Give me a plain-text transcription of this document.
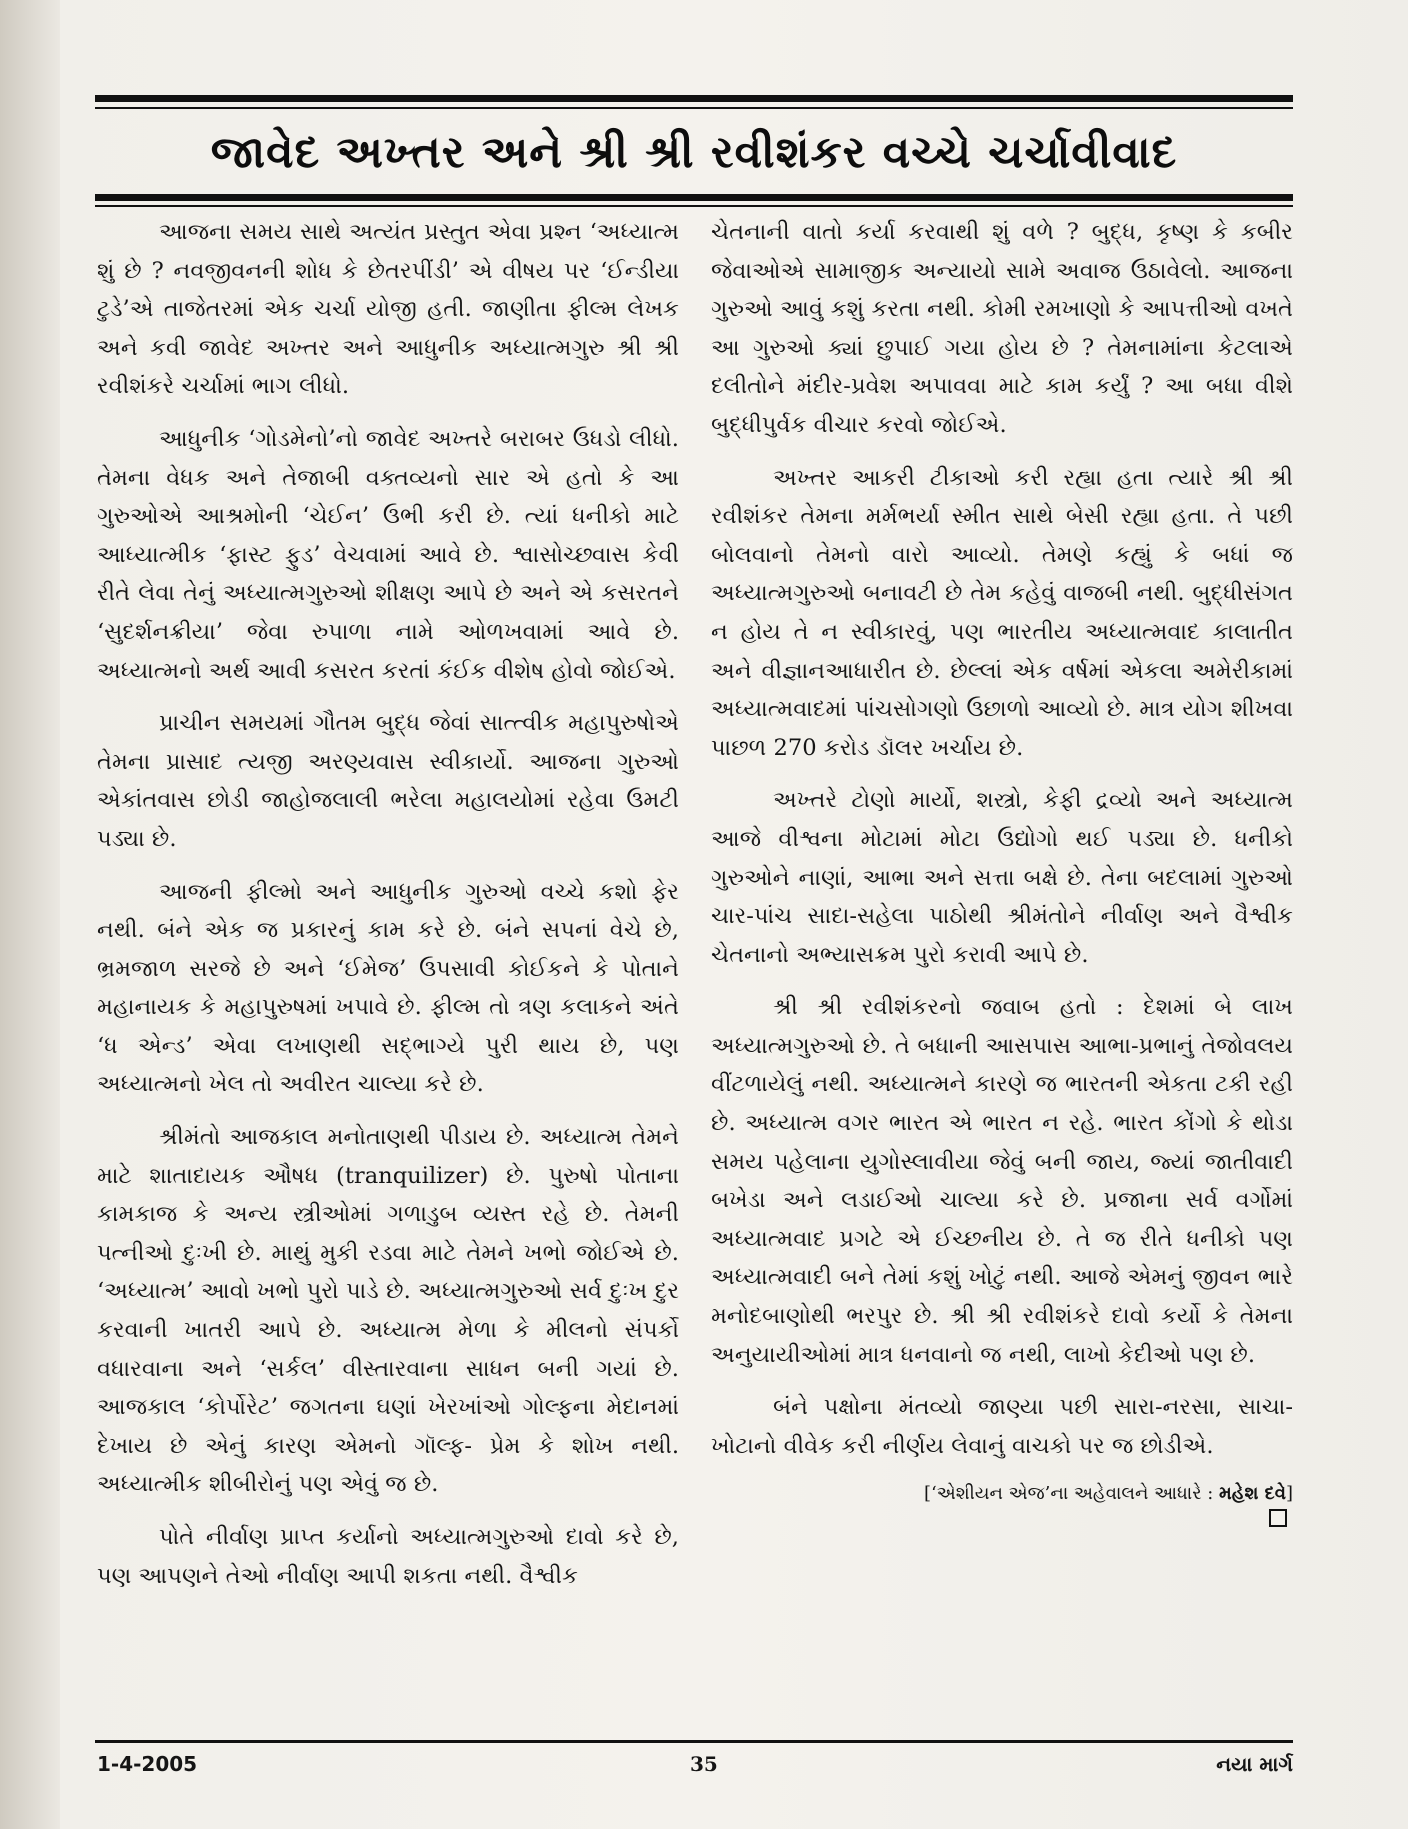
જાવેદ અખ્તર અને શ્રી શ્રી રવીશંકર વચ્ચે ચર્ચાવીવાદ

આજના સમય સાથે અત્યંત પ્રસ્તુત એવા પ્રશ્ન ‘અધ્યાત્મ શું છે ? નવજીવનની શોધ કે છેતરપીંડી’ એ વીષય પર ‘ઈન્ડીયા ટુડે’એ તાજેતરમાં એક ચર્ચા યોજી હતી. જાણીતા ફીલ્મ લેખક અને કવી જાવેદ અખ્તર અને આધુનીક અધ્યાત્મગુરુ શ્રી શ્રી રવીશંકરે ચર્ચામાં ભાગ લીધો.

આધુનીક ‘ગોડમેનો’નો જાવેદ અખ્તરે બરાબર ઉધડો લીધો. તેમના વેધક અને તેજાબી વક્તવ્યનો સાર એ હતો કે આ ગુરુઓએ આશ્રમોની ‘ચેઈન’ ઉભી કરી છે. ત્યાં ધનીકો માટે આધ્યાત્મીક ‘ફાસ્ટ ફુડ’ વેચવામાં આવે છે. શ્વાસોચ્છ્વાસ કેવી રીતે લેવા તેનું અધ્યાત્મગુરુઓ શીક્ષણ આપે છે અને એ કસરતને ‘સુદર્શનક્રીયા’ જેવા રુપાળા નામે ઓળખવામાં આવે છે. અધ્યાત્મનો અર્થ આવી કસરત કરતાં કંઈક વીશેષ હોવો જોઈએ.

પ્રાચીન સમયમાં ગૌતમ બુદ્ધ જેવાં સાત્ત્વીક મહાપુરુષોએ તેમના પ્રાસાદ ત્યજી અરણ્યવાસ સ્વીકાર્યો. આજના ગુરુઓ એકાંતવાસ છોડી જાહોજલાલી ભરેલા મહાલયોમાં રહેવા ઉમટી પડ્યા છે.

આજની ફીલ્મો અને આધુનીક ગુરુઓ વચ્ચે કશો ફેર નથી. બંને એક જ પ્રકારનું કામ કરે છે. બંને સપનાં વેચે છે, ભ્રમજાળ સરજે છે અને ‘ઈમેજ’ ઉપસાવી કોઈકને કે પોતાને મહાનાયક કે મહાપુરુષમાં ખપાવે છે. ફીલ્મ તો ત્રણ કલાકને અંતે ‘ધ એન્ડ’ એવા લખાણથી સદ્ભાગ્યે પુરી થાય છે, પણ અધ્યાત્મનો ખેલ તો અવીરત ચાલ્યા કરે છે.

શ્રીમંતો આજકાલ મનોતાણથી પીડાય છે. અધ્યાત્મ તેમને માટે શાતાદાયક ઔષધ (tranquilizer) છે. પુરુષો પોતાના કામકાજ કે અન્ય સ્ત્રીઓમાં ગળાડુબ વ્યસ્ત રહે છે. તેમની પત્નીઓ દુઃખી છે. માથું મુકી રડવા માટે તેમને ખભો જોઈએ છે. ‘અધ્યાત્મ’ આવો ખભો પુરો પાડે છે. અધ્યાત્મગુરુઓ સર્વ દુઃખ દુર કરવાની ખાતરી આપે છે. અધ્યાત્મ મેળા કે મીલનો સંપર્કો વધારવાના અને ‘સર્કલ’ વીસ્તારવાના સાધન બની ગયાં છે. આજકાલ ‘કોર્પોરેટ’ જગતના ઘણાં ખેરખાંઓ ગોલ્ફના મેદાનમાં દેખાય છે એનું કારણ એમનો ગૉલ્ફ- પ્રેમ કે શોખ નથી. અધ્યાત્મીક શીબીરોનું પણ એવું જ છે.

પોતે નીર્વાણ પ્રાપ્ત કર્યાનો અધ્યાત્મગુરુઓ દાવો કરે છે, પણ આપણને તેઓ નીર્વાણ આપી શકતા નથી. વૈશ્વીક

ચેતનાની વાતો કર્યા કરવાથી શું વળે ? બુદ્ધ, કૃષ્ણ કે કબીર જેવાઓએ સામાજીક અન્યાયો સામે અવાજ ઉઠાવેલો. આજના ગુરુઓ આવું કશું કરતા નથી. કોમી રમખાણો કે આપત્તીઓ વખતે આ ગુરુઓ ક્યાં છુપાઈ ગયા હોય છે ? તેમનામાંના કેટલાએ દલીતોને મંદીર-પ્રવેશ અપાવવા માટે કામ કર્યું ? આ બધા વીશે બુદ્ધીપુર્વક વીચાર કરવો જોઈએ.

અખ્તર આકરી ટીકાઓ કરી રહ્યા હતા ત્યારે શ્રી શ્રી રવીશંકર તેમના મર્મભર્યા સ્મીત સાથે બેસી રહ્યા હતા. તે પછી બોલવાનો તેમનો વારો આવ્યો. તેમણે કહ્યું કે બધાં જ અધ્યાત્મગુરુઓ બનાવટી છે તેમ કહેવું વાજબી નથી. બુદ્ધીસંગત ન હોય તે ન સ્વીકારવું, પણ ભારતીય અધ્યાત્મવાદ કાલાતીત અને વીજ્ઞાનઆધારીત છે. છેલ્લાં એક વર્ષમાં એકલા અમેરીકામાં અધ્યાત્મવાદમાં પાંચસોગણો ઉછાળો આવ્યો છે. માત્ર યોગ શીખવા પાછળ 270 કરોડ ડૉલર ખર્ચાય છે.

અખ્તરે ટોણો માર્યો, શસ્ત્રો, કેફી દ્રવ્યો અને અધ્યાત્મ આજે વીશ્વના મોટામાં મોટા ઉદ્યોગો થઈ પડ્યા છે. ધનીકો ગુરુઓને નાણાં, આભા અને સત્તા બક્ષે છે. તેના બદલામાં ગુરુઓ ચાર-પાંચ સાદા-સહેલા પાઠોથી શ્રીમંતોને નીર્વાણ અને વૈશ્વીક ચેતનાનો અભ્યાસક્રમ પુરો કરાવી આપે છે.

શ્રી શ્રી રવીશંકરનો જવાબ હતો : દેશમાં બે લાખ અધ્યાત્મગુરુઓ છે. તે બધાની આસપાસ આભા-પ્રભાનું તેજોવલય વીંટળાયેલું નથી. અધ્યાત્મને કારણે જ ભારતની એકતા ટકી રહી છે. અધ્યાત્મ વગર ભારત એ ભારત ન રહે. ભારત કોંગો કે થોડા સમય પહેલાના યુગોસ્લાવીયા જેવું બની જાય, જ્યાં જાતીવાદી બખેડા અને લડાઈઓ ચાલ્યા કરે છે. પ્રજાના સર્વ વર્ગોમાં અધ્યાત્મવાદ પ્રગટે એ ઈચ્છનીય છે. તે જ રીતે ધનીકો પણ અધ્યાત્મવાદી બને તેમાં કશું ખોટું નથી. આજે એમનું જીવન ભારે મનોદબાણોથી ભરપુર છે. શ્રી શ્રી રવીશંકરે દાવો કર્યો કે તેમના અનુયાયીઓમાં માત્ર ધનવાનો જ નથી, લાખો કેદીઓ પણ છે.

બંને પક્ષોના મંતવ્યો જાણ્યા પછી સારા-નરસા, સાચા-ખોટાનો વીવેક કરી નીર્ણય લેવાનું વાચકો પર જ છોડીએ.

[‘એશીયન એજ’ના અહેવાલને આધારે : મહેશ દવે]
1-4-2005	35	નયા માર્ગ
